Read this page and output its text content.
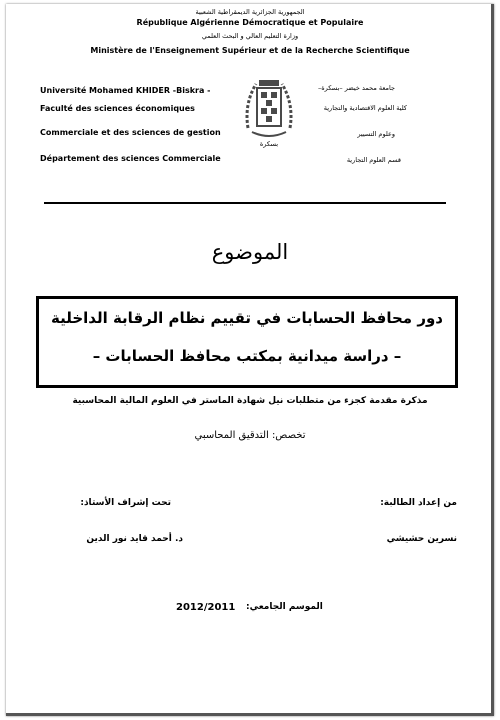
الجمهورية الجزائرية الديمقراطية الشعبية
République Algérienne Démocratique et Populaire
وزارة التعليم العالي و البحث العلمي
Ministère de l'Enseignement Supérieur et de la Recherche Scientifique
Université Mohamed KHIDER -Biskra -
Faculté des sciences économiques
Commerciale et des sciences de gestion
Département des sciences Commerciale
بسكرة
جامعة محمد خيضر –بسكرة–
كلية العلوم الاقتصادية والتجارية
وعلوم التسيير
قسم العلوم التجارية
الموضوع
دور محافظ الحسابات في تقييم نظام الرقابة الداخلية
– دراسة ميدانية بمكتب محافظ الحسابات –
مذكرة مقدمة كجزء من متطلبات نيل شهادة الماستر في العلوم المالية المحاسبية
تخصص: التدقيق المحاسبي
من إعداد الطالبة:
تحت إشراف الأستاذ:
نسرين حشيشي
د. أحمد قايد نور الدين
الموسم الجامعي:
2012/2011
